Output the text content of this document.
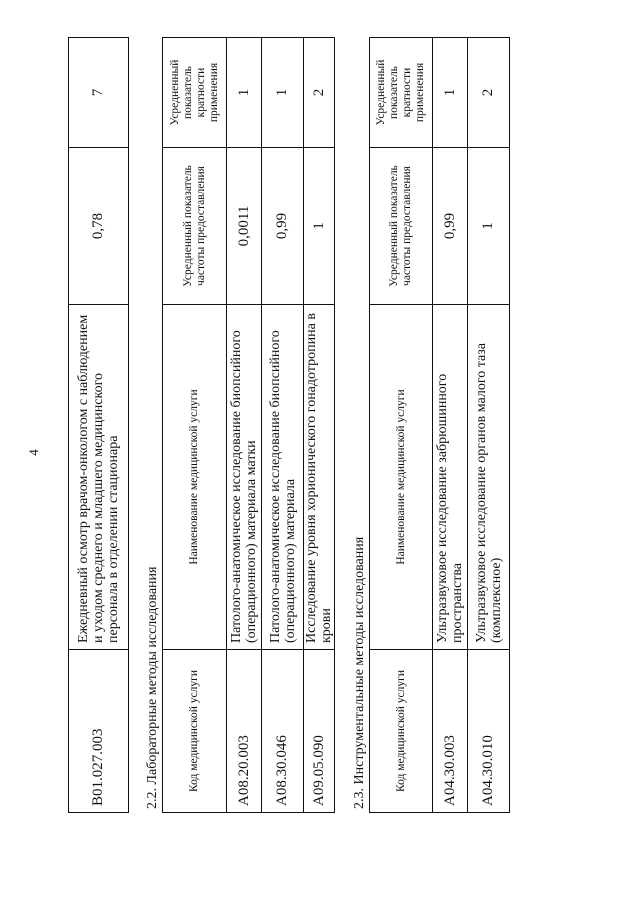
4
B01.027.003	Ежедневный осмотр врачом-онкологом с наблюдением и уходом среднего и младшего медицинского персонала в отделении стационара	0,78	7
2.2. Лабораторные методы исследования Код медицинской услуги	Наименование медицинской услуги	Усредненный показатель частоты предоставления	Усредненный показатель кратности применения
A08.20.003	Патолого-анатомическое исследование биопсийного (операционного) материала матки	0,0011	1
A08.30.046	Патолого-анатомическое исследование биопсийного (операционного) материала	0,99	1
A09.05.090	Исследование уровня хорионического гонадотропина в крови	1	2
2.3. Инструментальные методы исследования Код медицинской услуги	Наименование медицинской услуги	Усредненный показатель частоты предоставления	Усредненный показатель кратности применения
A04.30.003	Ультразвуковое исследование забрюшинного пространства	0,99	1
A04.30.010	Ультразвуковое исследование органов малого таза (комплексное)	1	2
